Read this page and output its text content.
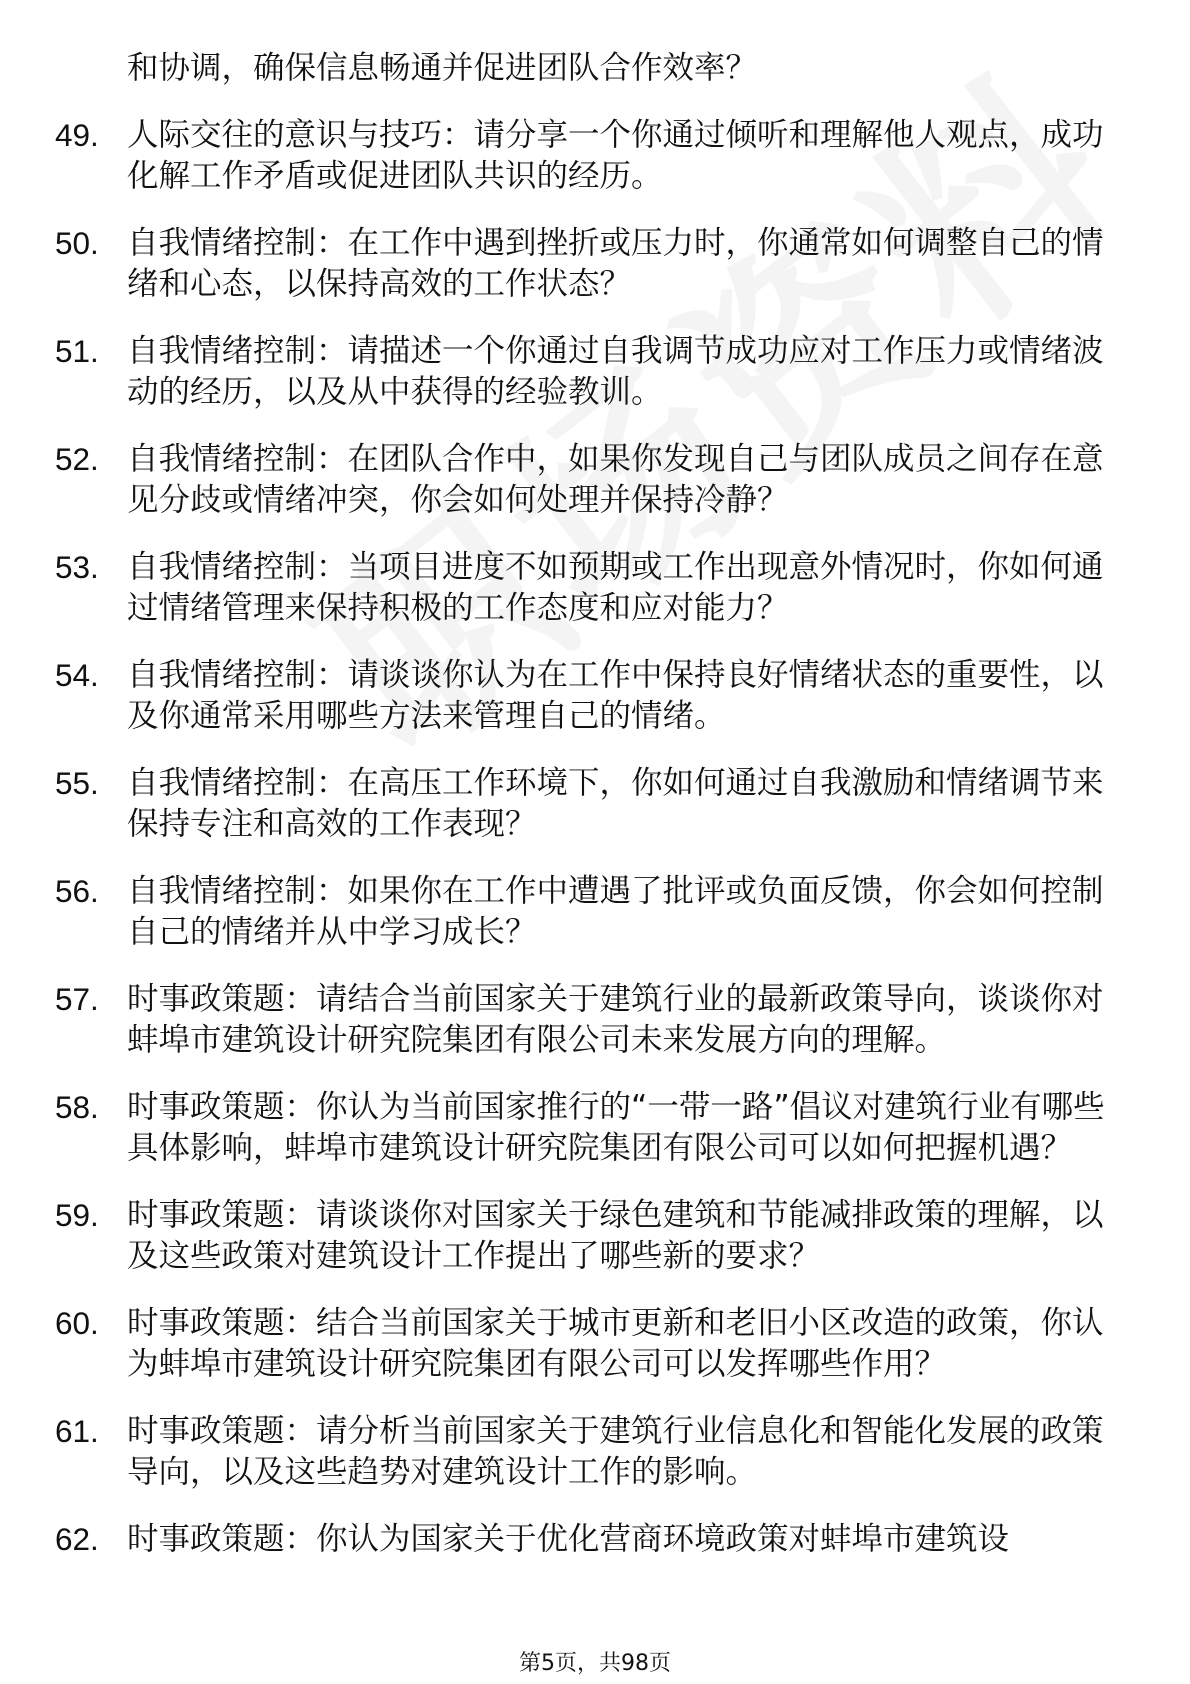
和协调，确保信息畅通并促进团队合作效率？
49. 人际交往的意识与技巧：请分享一个你通过倾听和理解他人观点，成功化解工作矛盾或促进团队共识的经历。
50. 自我情绪控制：在工作中遇到挫折或压力时，你通常如何调整自己的情绪和心态，以保持高效的工作状态？
51. 自我情绪控制：请描述一个你通过自我调节成功应对工作压力或情绪波动的经历，以及从中获得的经验教训。
52. 自我情绪控制：在团队合作中，如果你发现自己与团队成员之间存在意见分歧或情绪冲突，你会如何处理并保持冷静？
53. 自我情绪控制：当项目进度不如预期或工作出现意外情况时，你如何通过情绪管理来保持积极的工作态度和应对能力？
54. 自我情绪控制：请谈谈你认为在工作中保持良好情绪状态的重要性，以及你通常采用哪些方法来管理自己的情绪。
55. 自我情绪控制：在高压工作环境下，你如何通过自我激励和情绪调节来保持专注和高效的工作表现？
56. 自我情绪控制：如果你在工作中遭遇了批评或负面反馈，你会如何控制自己的情绪并从中学习成长？
57. 时事政策题：请结合当前国家关于建筑行业的最新政策导向，谈谈你对蚌埠市建筑设计研究院集团有限公司未来发展方向的理解。
58. 时事政策题：你认为当前国家推行的“一带一路”倡议对建筑行业有哪些具体影响，蚌埠市建筑设计研究院集团有限公司可以如何把握机遇？
59. 时事政策题：请谈谈你对国家关于绿色建筑和节能减排政策的理解，以及这些政策对建筑设计工作提出了哪些新的要求？
60. 时事政策题：结合当前国家关于城市更新和老旧小区改造的政策，你认为蚌埠市建筑设计研究院集团有限公司可以发挥哪些作用？
61. 时事政策题：请分析当前国家关于建筑行业信息化和智能化发展的政策导向，以及这些趋势对建筑设计工作的影响。
62. 时事政策题：你认为国家关于优化营商环境政策对蚌埠市建筑设
第5页，共98页
